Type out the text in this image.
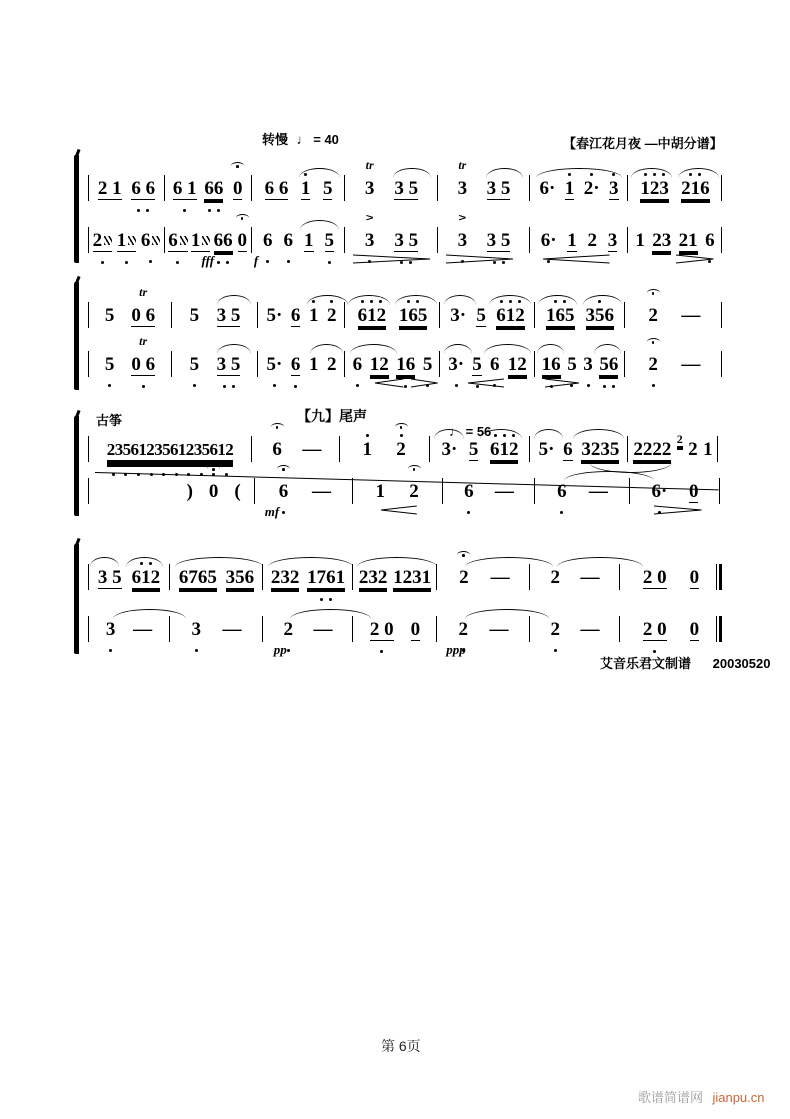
转慢 ♩ = 40	【春江花月夜 —中胡分谱】
古筝	【九】尾声
♩ = 56
艾音乐君文制谱 20030520
第 6页
歌谱简谱网 jianpu.cn
2 1 6 6 6 1 66 0 6 6 1 5
tr
3 3 5
tr
3 3 5 6· 1 2· 3 123 216
2 1 6 6 1 66 0
fff
6 6 1 5
f
>
3 3 5
>
3 3 5 6· 1 2 3 1 23 21 6
5
tr
0 6 5 3 5 5· 6 1 2 612 165 3· 5 612 165 356 2 —
5
tr
0 6 5 3 5 5· 6 1 2 6 12 16 5 3· 5 6 12 16 5 3 56 2 —
2356123561235612 6 — 1 2 3· 5 612 5· 6 3235 2222 2 2 1
) 0 ( 6 —
mf
1 2 6 — 6 — 6· 0
3 5 612 6765 356 232 1761 232 1231 2 — 2 — 2 0 0
3 — 3 — 2 —
pp
2 0 0 2 —
ppp
2 — 2 0 0
